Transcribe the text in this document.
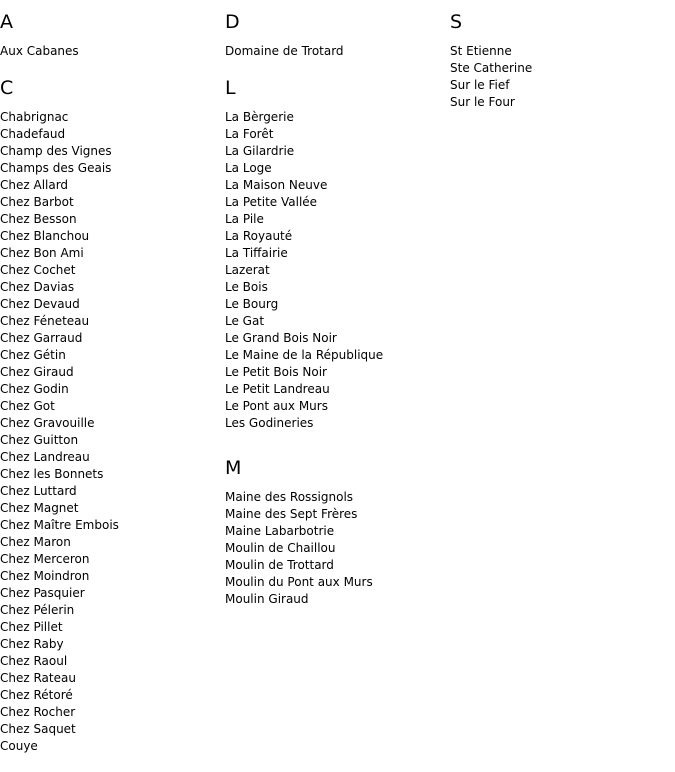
A
Aux Cabanes
C
Chabrignac
Chadefaud
Champ des Vignes
Champs des Geais
Chez Allard
Chez Barbot
Chez Besson
Chez Blanchou
Chez Bon Ami
Chez Cochet
Chez Davias
Chez Devaud
Chez Féneteau
Chez Garraud
Chez Gétin
Chez Giraud
Chez Godin
Chez Got
Chez Gravouille
Chez Guitton
Chez Landreau
Chez les Bonnets
Chez Luttard
Chez Magnet
Chez Maître Embois
Chez Maron
Chez Merceron
Chez Moindron
Chez Pasquier
Chez Pélerin
Chez Pillet
Chez Raby
Chez Raoul
Chez Rateau
Chez Rétoré
Chez Rocher
Chez Saquet
Couye
D
Domaine de Trotard
L
La Bèrgerie
La Forêt
La Gilardrie
La Loge
La Maison Neuve
La Petite Vallée
La Pile
La Royauté
La Tiffairie
Lazerat
Le Bois
Le Bourg
Le Gat
Le Grand Bois Noir
Le Maine de la République
Le Petit Bois Noir
Le Petit Landreau
Le Pont aux Murs
Les Godineries
M
Maine des Rossignols
Maine des Sept Frères
Maine Labarbotrie
Moulin de Chaillou
Moulin de Trottard
Moulin du Pont aux Murs
Moulin Giraud
S
St Etienne
Ste Catherine
Sur le Fief
Sur le Four
